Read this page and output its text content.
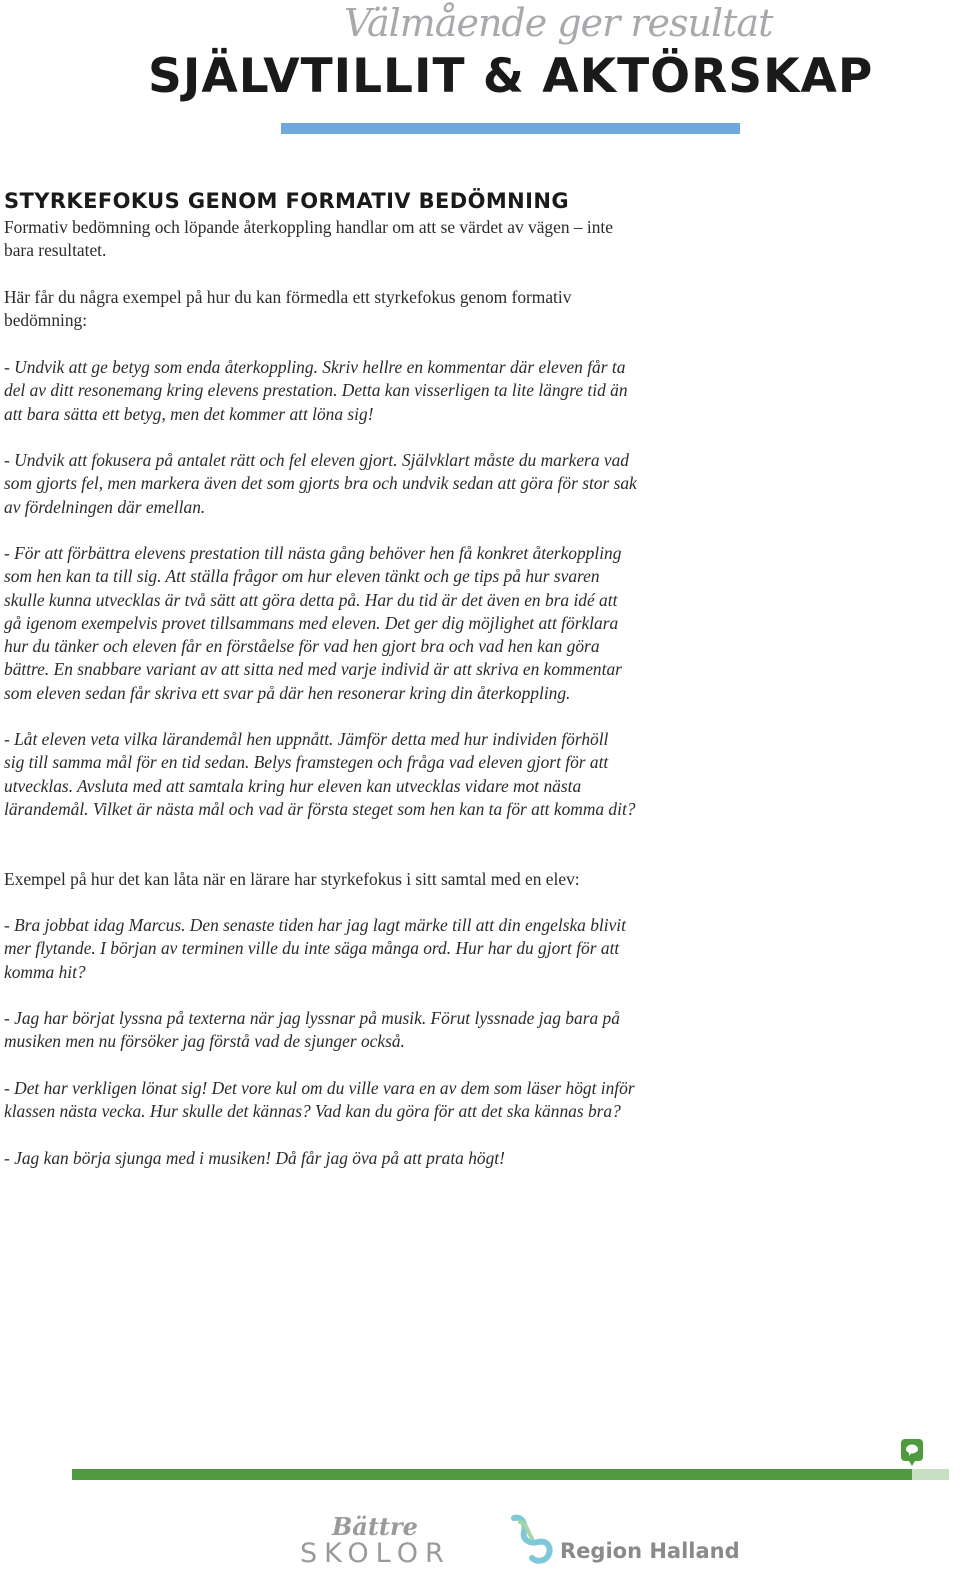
Välmående ger resultat
SJÄLVTILLIT & AKTÖRSKAP
STYRKEFOKUS GENOM FORMATIV BEDÖMNING
Formativ bedömning och löpande återkoppling handlar om att se värdet av vägen – inte
bara resultatet.
Här får du några exempel på hur du kan förmedla ett styrkefokus genom formativ
bedömning:
- Undvik att ge betyg som enda återkoppling. Skriv hellre en kommentar där eleven får ta
del av ditt resonemang kring elevens prestation. Detta kan visserligen ta lite längre tid än
att bara sätta ett betyg, men det kommer att löna sig!
- Undvik att fokusera på antalet rätt och fel eleven gjort. Självklart måste du markera vad
som gjorts fel, men markera även det som gjorts bra och undvik sedan att göra för stor sak
av fördelningen där emellan.
- För att förbättra elevens prestation till nästa gång behöver hen få konkret återkoppling
som hen kan ta till sig. Att ställa frågor om hur eleven tänkt och ge tips på hur svaren
skulle kunna utvecklas är två sätt att göra detta på. Har du tid är det även en bra idé att
gå igenom exempelvis provet tillsammans med eleven. Det ger dig möjlighet att förklara
hur du tänker och eleven får en förståelse för vad hen gjort bra och vad hen kan göra
bättre. En snabbare variant av att sitta ned med varje individ är att skriva en kommentar
som eleven sedan får skriva ett svar på där hen resonerar kring din återkoppling.
- Låt eleven veta vilka lärandemål hen uppnått. Jämför detta med hur individen förhöll
sig till samma mål för en tid sedan. Belys framstegen och fråga vad eleven gjort för att
utvecklas. Avsluta med att samtala kring hur eleven kan utvecklas vidare mot nästa
lärandemål. Vilket är nästa mål och vad är första steget som hen kan ta för att komma dit?
Exempel på hur det kan låta när en lärare har styrkefokus i sitt samtal med en elev:
- Bra jobbat idag Marcus. Den senaste tiden har jag lagt märke till att din engelska blivit
mer flytande. I början av terminen ville du inte säga många ord. Hur har du gjort för att
komma hit?
- Jag har börjat lyssna på texterna när jag lyssnar på musik. Förut lyssnade jag bara på
musiken men nu försöker jag förstå vad de sjunger också.
- Det har verkligen lönat sig! Det vore kul om du ville vara en av dem som läser högt inför
klassen nästa vecka. Hur skulle det kännas? Vad kan du göra för att det ska kännas bra?
- Jag kan börja sjunga med i musiken! Då får jag öva på att prata högt!
Bättre
SKOLOR	Region Halland
